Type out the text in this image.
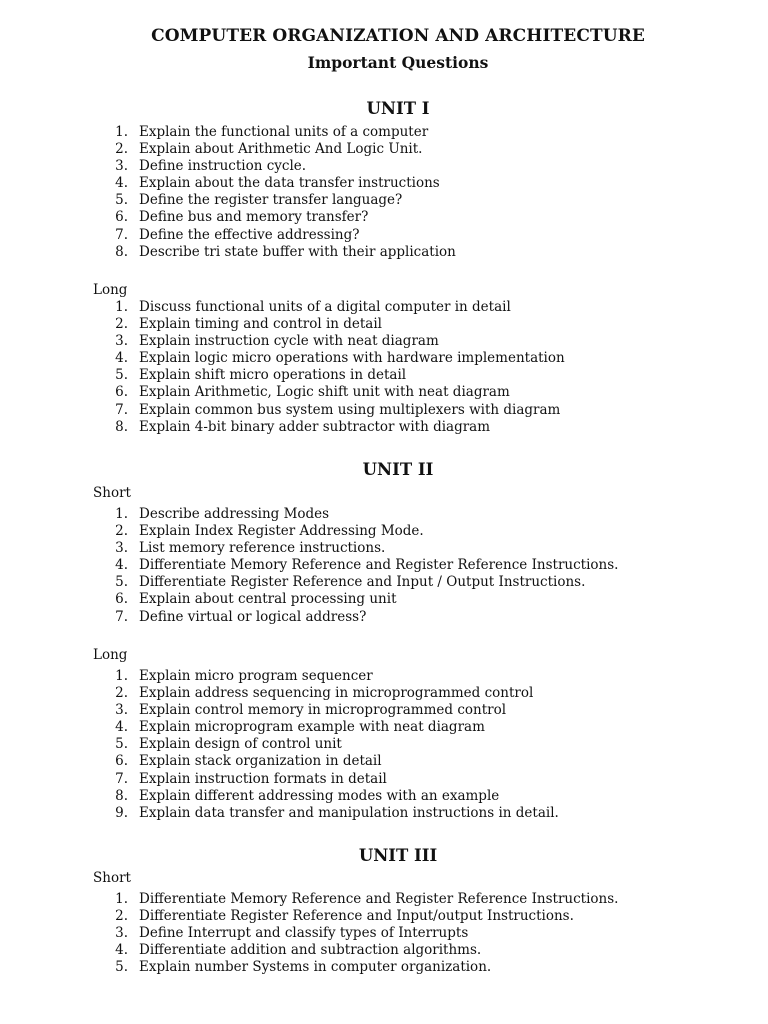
COMPUTER ORGANIZATION AND ARCHITECTURE
Important Questions
UNIT I
1. Explain the functional units of a computer
2. Explain about Arithmetic And Logic Unit.
3. Define instruction cycle.
4. Explain about the data transfer instructions
5. Define the register transfer language?
6. Define bus and memory transfer?
7. Define the effective addressing?
8. Describe tri state buffer with their application
Long
1. Discuss functional units of a digital computer in detail
2. Explain timing and control in detail
3. Explain instruction cycle with neat diagram
4. Explain logic micro operations with hardware implementation
5. Explain shift micro operations in detail
6. Explain Arithmetic, Logic shift unit with neat diagram
7. Explain common bus system using multiplexers with diagram
8. Explain 4-bit binary adder subtractor with diagram
UNIT II
Short
1. Describe addressing Modes
2. Explain Index Register Addressing Mode.
3. List memory reference instructions.
4. Differentiate Memory Reference and Register Reference Instructions.
5. Differentiate Register Reference and Input / Output Instructions.
6. Explain about central processing unit
7. Define virtual or logical address?
Long
1. Explain micro program sequencer
2. Explain address sequencing in microprogrammed control
3. Explain control memory in microprogrammed control
4. Explain microprogram example with neat diagram
5. Explain design of control unit
6. Explain stack organization in detail
7. Explain instruction formats in detail
8. Explain different addressing modes with an example
9. Explain data transfer and manipulation instructions in detail.
UNIT III
Short
1. Differentiate Memory Reference and Register Reference Instructions.
2. Differentiate Register Reference and Input/output Instructions.
3. Define Interrupt and classify types of Interrupts
4. Differentiate addition and subtraction algorithms.
5. Explain number Systems in computer organization.
